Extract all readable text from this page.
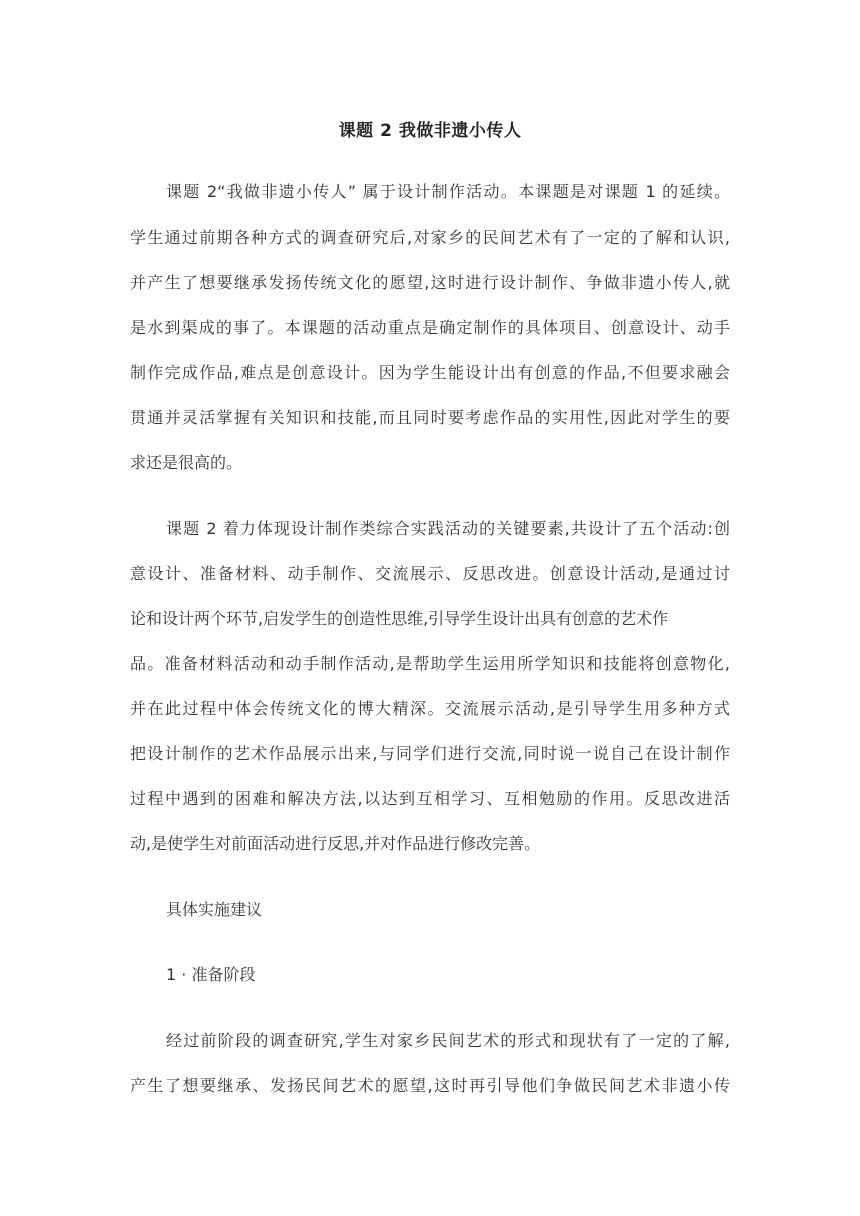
课题 2 我做非遗小传人
课题 2“我做非遗小传人” 属于设计制作活动。本课题是对课题 1 的延续。
学生通过前期各种方式的调查研究后,对家乡的民间艺术有了一定的了解和认识,
并产生了想要继承发扬传统文化的愿望,这时进行设计制作、争做非遗小传人,就
是水到渠成的事了。本课题的活动重点是确定制作的具体项目、创意设计、动手
制作完成作品,难点是创意设计。因为学生能设计出有创意的作品,不但要求融会
贯通并灵活掌握有关知识和技能,而且同时要考虑作品的实用性,因此对学生的要
求还是很高的。
课题 2 着力体现设计制作类综合实践活动的关键要素,共设计了五个活动:创
意设计、准备材料、动手制作、交流展示、反思改进。创意设计活动,是通过讨
论和设计两个环节,启发学生的创造性思维,引导学生设计出具有创意的艺术作
品。准备材料活动和动手制作活动,是帮助学生运用所学知识和技能将创意物化,
并在此过程中体会传统文化的博大精深。交流展示活动,是引导学生用多种方式
把设计制作的艺术作品展示出来,与同学们进行交流,同时说一说自己在设计制作
过程中遇到的困难和解决方法,以达到互相学习、互相勉励的作用。反思改进活
动,是使学生对前面活动进行反思,并对作品进行修改完善。
具体实施建议
1 · 准备阶段
经过前阶段的调查研究,学生对家乡民间艺术的形式和现状有了一定的了解,
产生了想要继承、发扬民间艺术的愿望,这时再引导他们争做民间艺术非遗小传
